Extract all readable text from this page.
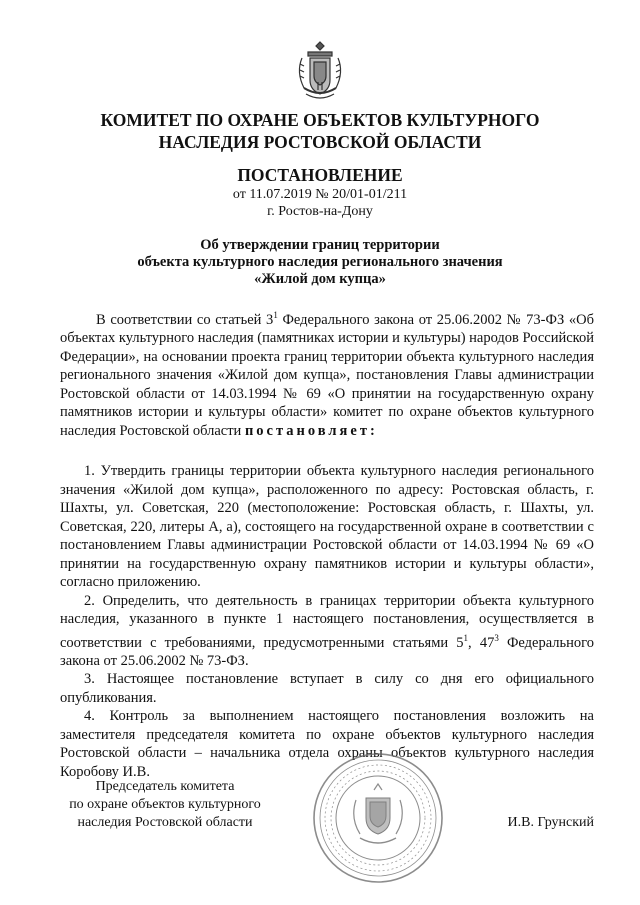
КОМИТЕТ ПО ОХРАНЕ ОБЪЕКТОВ КУЛЬТУРНОГО
НАСЛЕДИЯ РОСТОВСКОЙ ОБЛАСТИ
ПОСТАНОВЛЕНИЕ
от 11.07.2019 № 20/01-01/211
г. Ростов-на-Дону
Об утверждении границ территории
объекта культурного наследия регионального значения
«Жилой дом купца»
В соответствии со статьей $3^1$ Федерального закона от 25.06.2002 № 73-ФЗ «Об объектах культурного наследия (памятниках истории и культуры) народов Российской Федерации», на основании проекта границ территории объекта культурного наследия регионального значения «Жилой дом купца», постановления Главы администрации Ростовской области от 14.03.1994 № 69 «О принятии на государственную охрану памятников истории и культуры области» комитет по охране объектов культурного наследия Ростовской области постановляет:

1. Утвердить границы территории объекта культурного наследия регионального значения «Жилой дом купца», расположенного по адресу: Ростовская область, г. Шахты, ул. Советская, 220 (местоположение: Ростовская область, г. Шахты, ул. Советская, 220, литеры А, а), состоящего на государственной охране в соответствии с постановлением Главы администрации Ростовской области от 14.03.1994 № 69 «О принятии на государственную охрану памятников истории и культуры области», согласно приложению.

2. Определить, что деятельность в границах территории объекта культурного наследия, указанного в пункте 1 настоящего постановления, осуществляется в соответствии с требованиями, предусмотренными статьями $5^1$, $47^3$ Федерального закона от 25.06.2002 № 73-ФЗ.

3. Настоящее постановление вступает в силу со дня его официального опубликования.

4. Контроль за выполнением настоящего постановления возложить на заместителя председателя комитета по охране объектов культурного наследия Ростовской области – начальника отдела охраны объектов культурного наследия Коробову И.В.

Председатель комитета
по охране объектов культурного
наследия Ростовской области	И.В. Грунский
